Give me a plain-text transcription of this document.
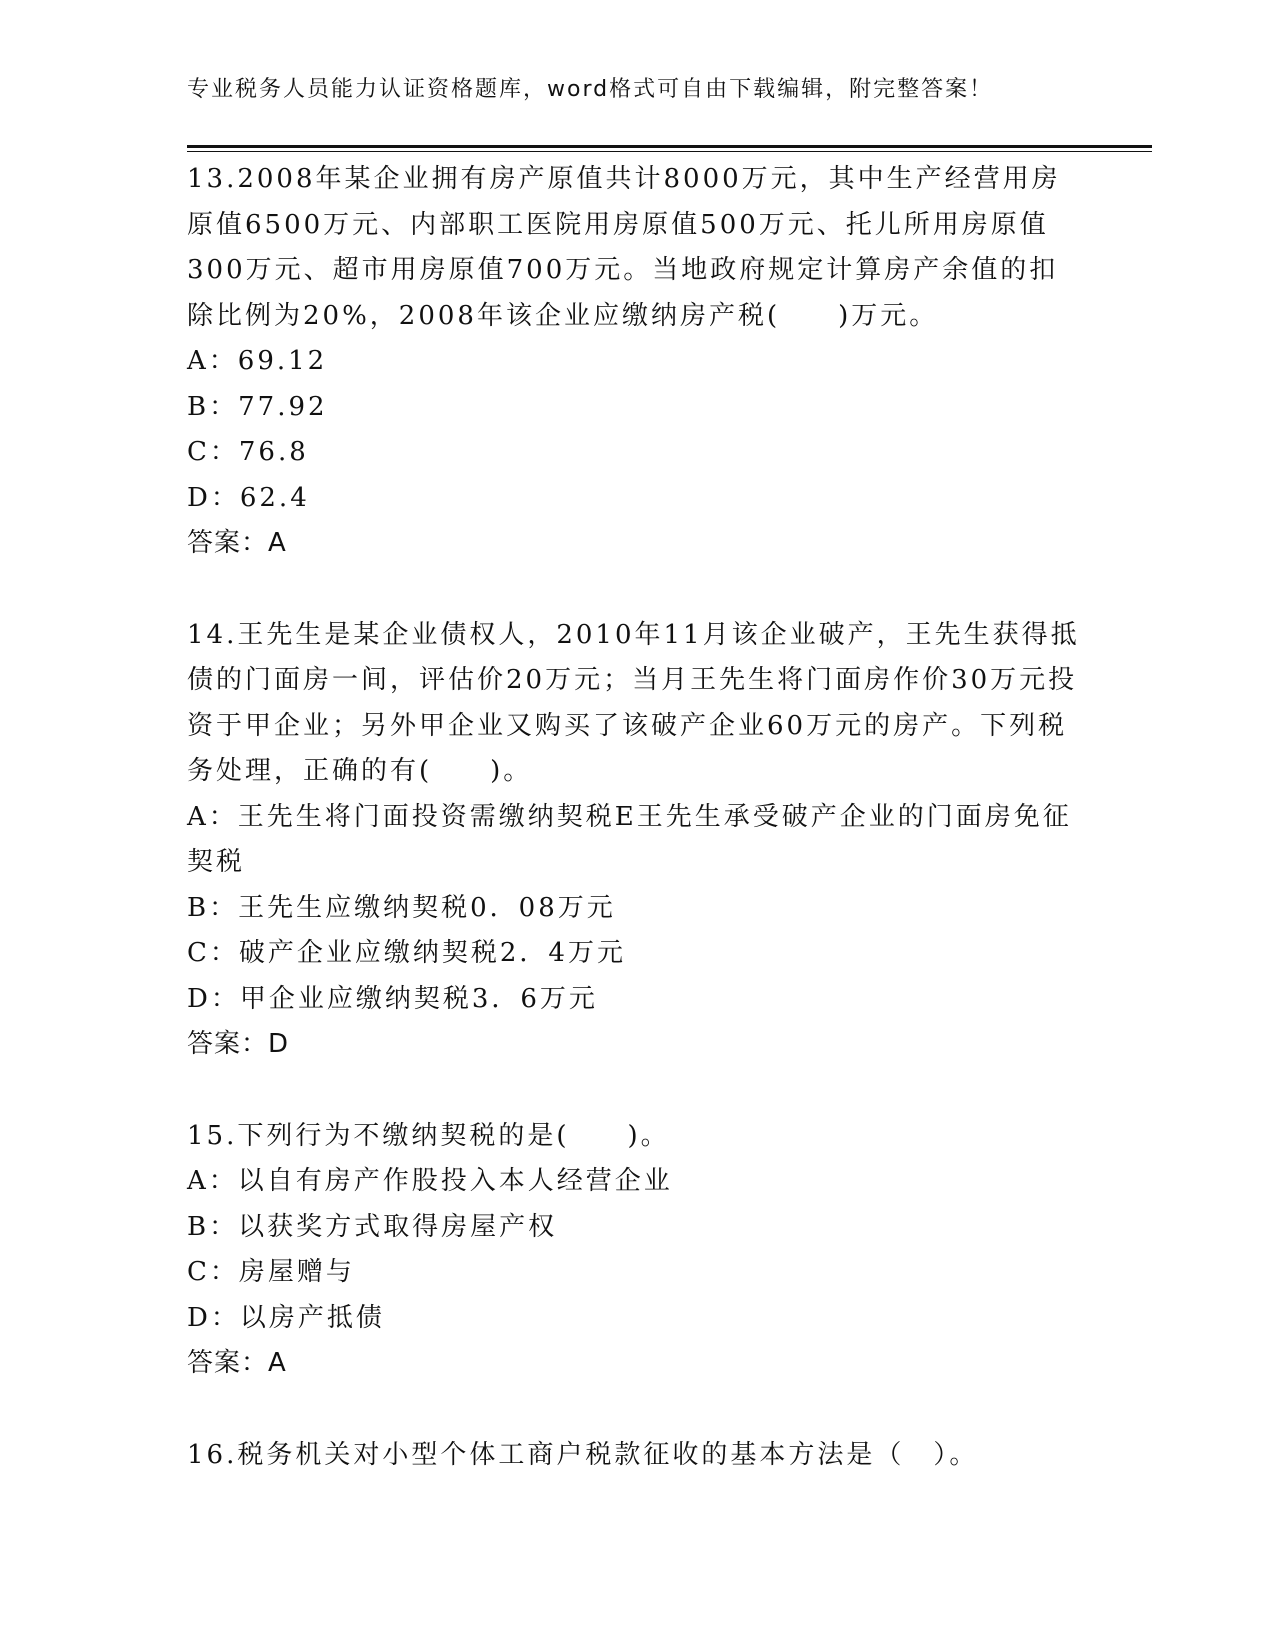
专业税务人员能力认证资格题库，word格式可自由下载编辑，附完整答案！

13.2008年某企业拥有房产原值共计8000万元，其中生产经营用房原值6500万元、内部职工医院用房原值500万元、托儿所用房原值300万元、超市用房原值700万元。当地政府规定计算房产余值的扣除比例为20%，2008年该企业应缴纳房产税(　　)万元。

A：69.12

B：77.92

C：76.8

D：62.4

答案：A

14.王先生是某企业债权人，2010年11月该企业破产，王先生获得抵债的门面房一间，评估价20万元；当月王先生将门面房作价30万元投资于甲企业；另外甲企业又购买了该破产企业60万元的房产。下列税务处理，正确的有(　　)。

A：王先生将门面投资需缴纳契税E王先生承受破产企业的门面房免征契税

B：王先生应缴纳契税0．08万元

C：破产企业应缴纳契税2．4万元

D：甲企业应缴纳契税3．6万元

答案：D

15.下列行为不缴纳契税的是(　　)。

A：以自有房产作股投入本人经营企业

B：以获奖方式取得房屋产权

C：房屋赠与

D：以房产抵债

答案：A

16.税务机关对小型个体工商户税款征收的基本方法是（　）。
